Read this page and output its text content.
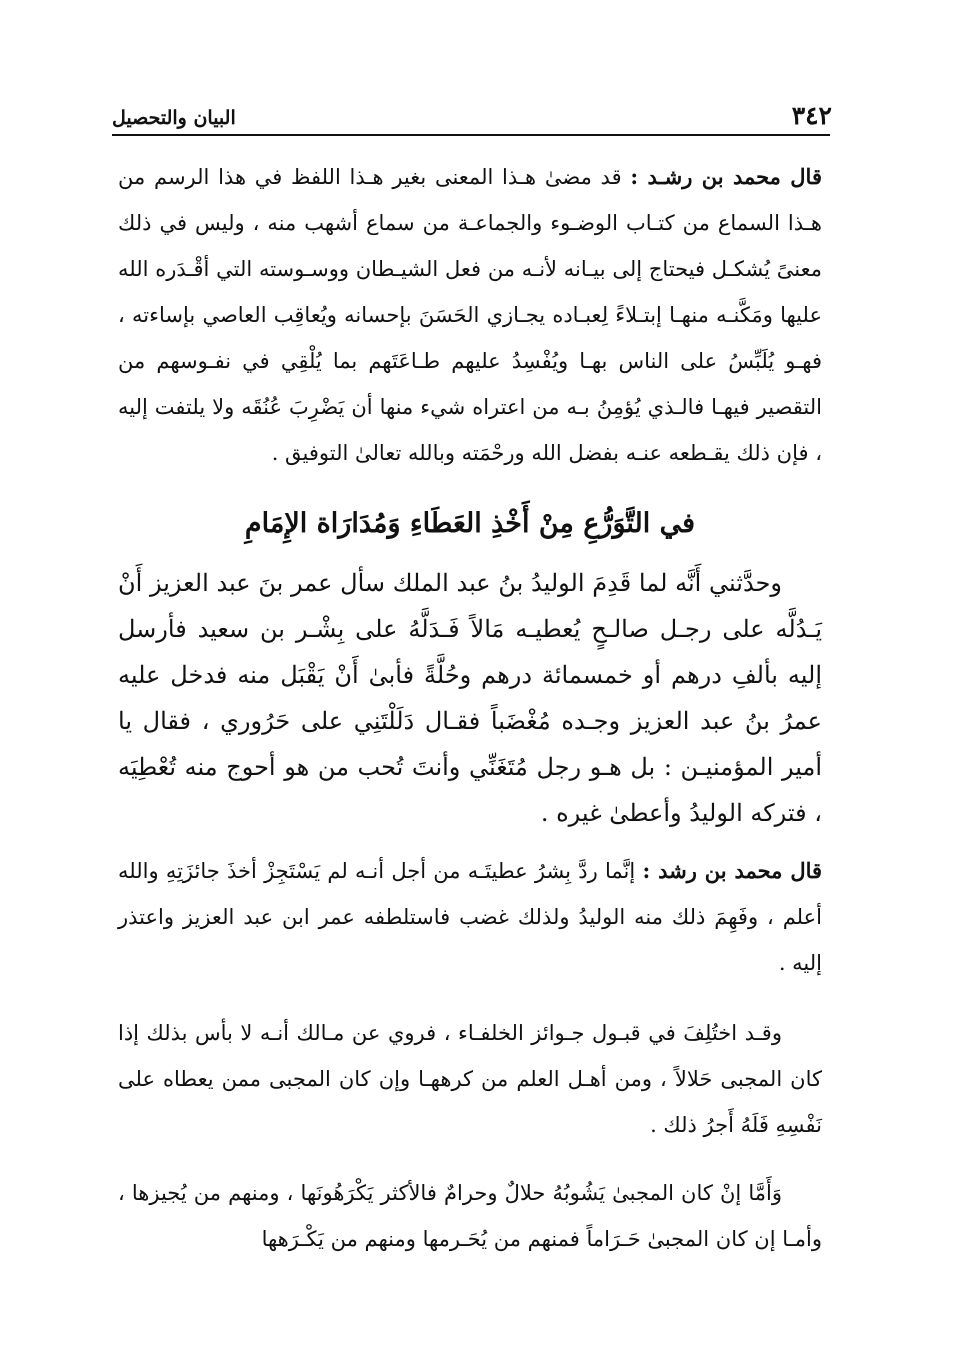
٣٤٢
البيان والتحصيل

قال محمد بن رشـد : قد مضىٰ هـذا المعنى بغير هـذا اللفظ في هذا الرسم من هـذا السماع من كتـاب الوضـوء والجماعـة من سماع أشهب منه ، وليس في ذلك معنىً يُشكـل فيحتاج إلى بيـانه لأنـه من فعل الشيـطان ووسـوسته التي أقْـدَره الله عليها ومَكَّنـه منهـا إبتـلاءً لِعبـاده يجـازي الحَسَنَ بإحسانه ويُعاقِب العاصي بإساءته ، فهـو يُلَبِّسُ على الناس بهـا ويُفْسِدُ عليهم طـاعَتَهم بما يُلْقِي في نفـوسهم من التقصير فيهـا فالـذي يُؤمِنُ بـه من اعتراه شيء منها أن يَضْرِبَ عُنُقَه ولا يلتفت إليه ، فإن ذلك يقـطعه عنـه بفضل الله ورحْمَته وبالله تعالىٰ التوفيق .

في التَّوَرُّعِ مِنْ أَخْذِ العَطَاءِ وَمُدَارَاة الإِمَامِ

وحدَّثني أَنَّه لما قَدِمَ الوليدُ بنُ عبد الملك سأل عمر بنَ عبد العزيز أَنْ يَـدُلَّه على رجـل صالـحٍ يُعطيـه مَالاً فَـدَلَّهُ على بِشْـر بن سعيد فأرسل إليه بألفِ درهم أو خمسمائة درهم وحُلَّةً فأبىٰ أَنْ يَقْبَل منه فدخل عليه عمرُ بنُ عبد العزيز وجـده مُغْضَباً فقـال دَلَلْتَنِي على حَرُوري ، فقال يا أمير المؤمنيـن : بل هـو رجل مُتَغَنِّي وأنتَ تُحب من هو أحوج منه تُعْطِيَه ، فتركه الوليدُ وأعطىٰ غيره .

قال محمد بن رشد : إنَّما ردَّ بِشرُ عطيتَـه من أجل أنـه لم يَسْتَجِزْ أخذَ جائزَتِهِ والله أعلم ، وفَهِمَ ذلك منه الوليدُ ولذلك غضب فاستلطفه عمر ابن عبد العزيز واعتذر إليه .

وقـد اختُلِفَ في قبـول جـوائز الخلفـاء ، فروي عن مـالك أنـه لا بأس بذلك إذا كان المجبى حَلالاً ، ومن أهـل العلم من كرههـا وإن كان المجبى ممن يعطاه على نَفْسِهِ فَلَهُ أَجرُ ذلك .

وَأَمَّا إنْ كان المجبىٰ يَشُوبُهُ حلالٌ وحرامٌ فالأكثر يَكْرَهُونَها ، ومنهم من يُجيزها ، وأمـا إن كان المجبىٰ حَـرَاماً فمنهم من يُحَـرمها ومنهم من يَكْـرَهها
